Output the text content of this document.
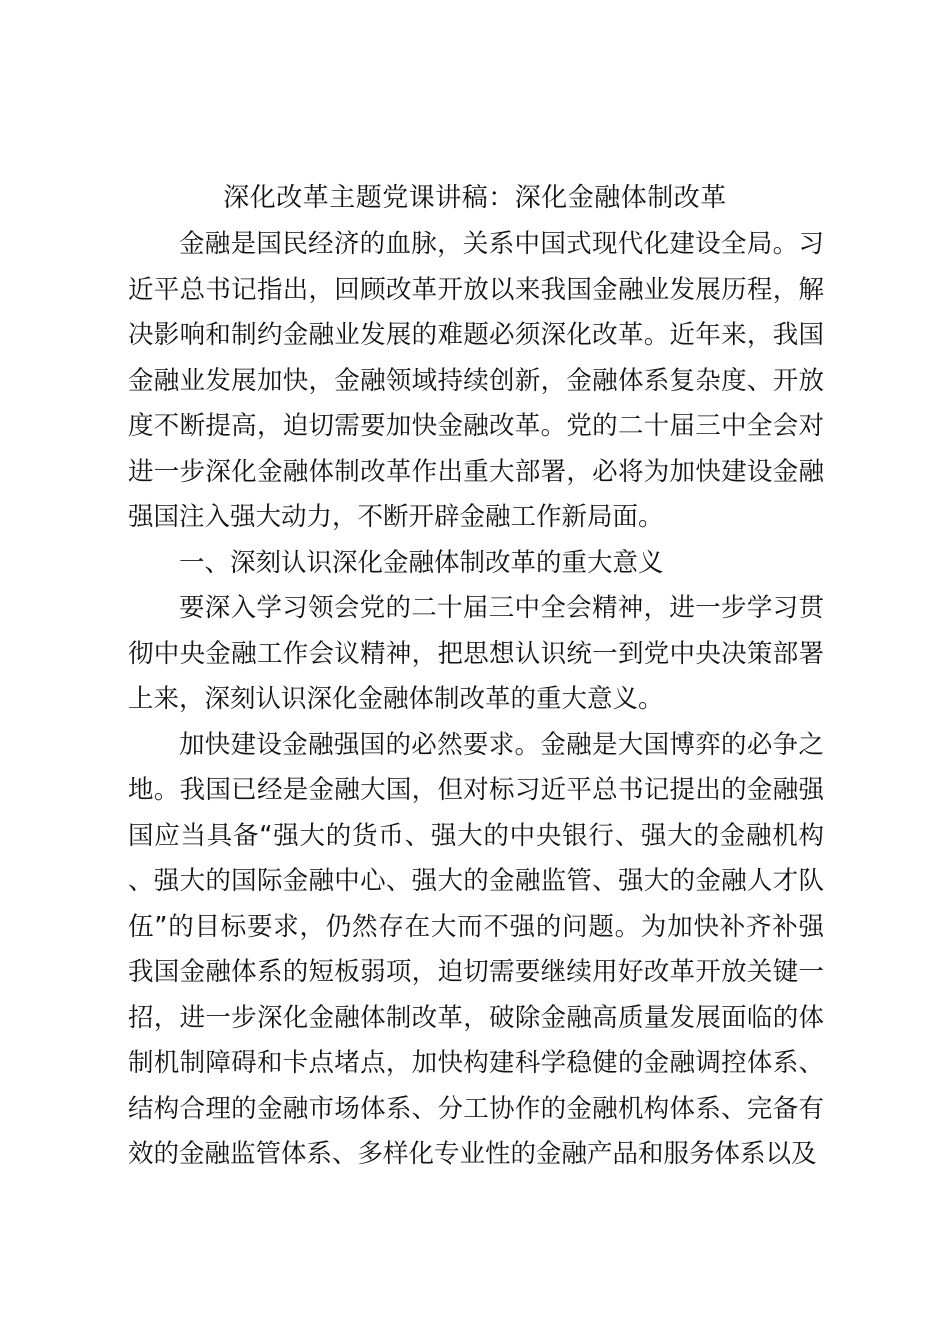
深化改革主题党课讲稿：深化金融体制改革

金融是国民经济的血脉，关系中国式现代化建设全局。习近平总书记指出，回顾改革开放以来我国金融业发展历程，解决影响和制约金融业发展的难题必须深化改革。近年来，我国金融业发展加快，金融领域持续创新，金融体系复杂度、开放度不断提高，迫切需要加快金融改革。党的二十届三中全会对进一步深化金融体制改革作出重大部署，必将为加快建设金融强国注入强大动力，不断开辟金融工作新局面。

一、深刻认识深化金融体制改革的重大意义

要深入学习领会党的二十届三中全会精神，进一步学习贯彻中央金融工作会议精神，把思想认识统一到党中央决策部署上来，深刻认识深化金融体制改革的重大意义。

加快建设金融强国的必然要求。金融是大国博弈的必争之地。我国已经是金融大国，但对标习近平总书记提出的金融强国应当具备“强大的货币、强大的中央银行、强大的金融机构、强大的国际金融中心、强大的金融监管、强大的金融人才队伍”的目标要求，仍然存在大而不强的问题。为加快补齐补强我国金融体系的短板弱项，迫切需要继续用好改革开放关键一招，进一步深化金融体制改革，破除金融高质量发展面临的体制机制障碍和卡点堵点，加快构建科学稳健的金融调控体系、结构合理的金融市场体系、分工协作的金融机构体系、完备有效的金融监管体系、多样化专业性的金融产品和服务体系以及
